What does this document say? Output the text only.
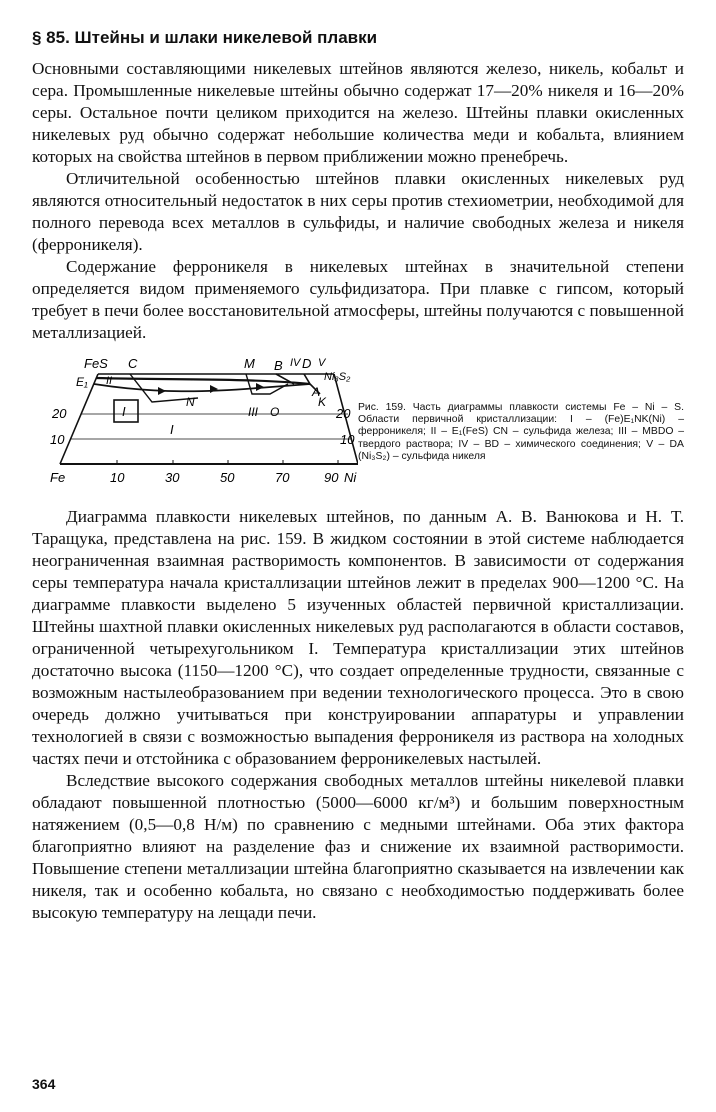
§ 85. Штейны и шлаки никелевой плавки

Основными составляющими никелевых штейнов являются железо, никель, кобальт и сера. Промышленные никелевые штейны обычно содержат 17—20% никеля и 16—20% серы. Остальное почти целиком приходится на железо. Штейны плавки окисленных никелевых руд обычно содержат небольшие количества меди и кобальта, влиянием которых на свойства штейнов в первом приближении можно пренебречь.

Отличительной особенностью штейнов плавки окисленных никелевых руд являются относительный недостаток в них серы против стехиометрии, необходимой для полного перевода всех металлов в сульфиды, и наличие свободных железа и никеля (ферроникеля).

Содержание ферроникеля в никелевых штейнах в значительной степени определяется видом применяемого сульфидизатора. При плавке с гипсом, который требует в печи более восстановительной атмосферы, штейны получаются с повышенной металлизацией.

FeS C	M B IV D V
Ni₃S₂
E₁ II
A
K
N
III O
I
I
20
10
20
10
Fe	10	30	50	70	90 Ni
Рис. 159. Часть диаграммы плавкости системы Fe – Ni – S. Области первичной кристаллизации: I – (Fe)E₁NK(Ni) – ферроникеля; II – E₁(FeS) CN – сульфида железа; III – MBDO – твердого раствора; IV – BD – химического соединения; V – DA (Ni₃S₂) – сульфида никеля

Диаграмма плавкости никелевых штейнов, по данным А. В. Ванюкова и Н. Т. Таращука, представлена на рис. 159. В жидком состоянии в этой системе наблюдается неограниченная взаимная растворимость компонентов. В зависимости от содержания серы температура начала кристаллизации штейнов лежит в пределах 900—1200 °С. На диаграмме плавкости выделено 5 изученных областей первичной кристаллизации. Штейны шахтной плавки окисленных никелевых руд располагаются в области составов, ограниченной четырехугольником I. Температура кристаллизации этих штейнов достаточно высока (1150—1200 °С), что создает определенные трудности, связанные с возможным настылеобразованием при ведении технологического процесса. Это в свою очередь должно учитываться при конструировании аппаратуры и управлении технологией в связи с возможностью выпадения ферроникеля из раствора на холодных частях печи и отстойника с образованием ферроникелевых настылей.

Вследствие высокого содержания свободных металлов штейны никелевой плавки обладают повышенной плотностью (5000—6000 кг/м³) и большим поверхностным натяжением (0,5—0,8 Н/м) по сравнению с медными штейнами. Оба этих фактора благоприятно влияют на разделение фаз и снижение их взаимной растворимости. Повышение степени металлизации штейна благоприятно сказывается на извлечении как никеля, так и особенно кобальта, но связано с необходимостью поддерживать более высокую температуру на лещади печи.

364
